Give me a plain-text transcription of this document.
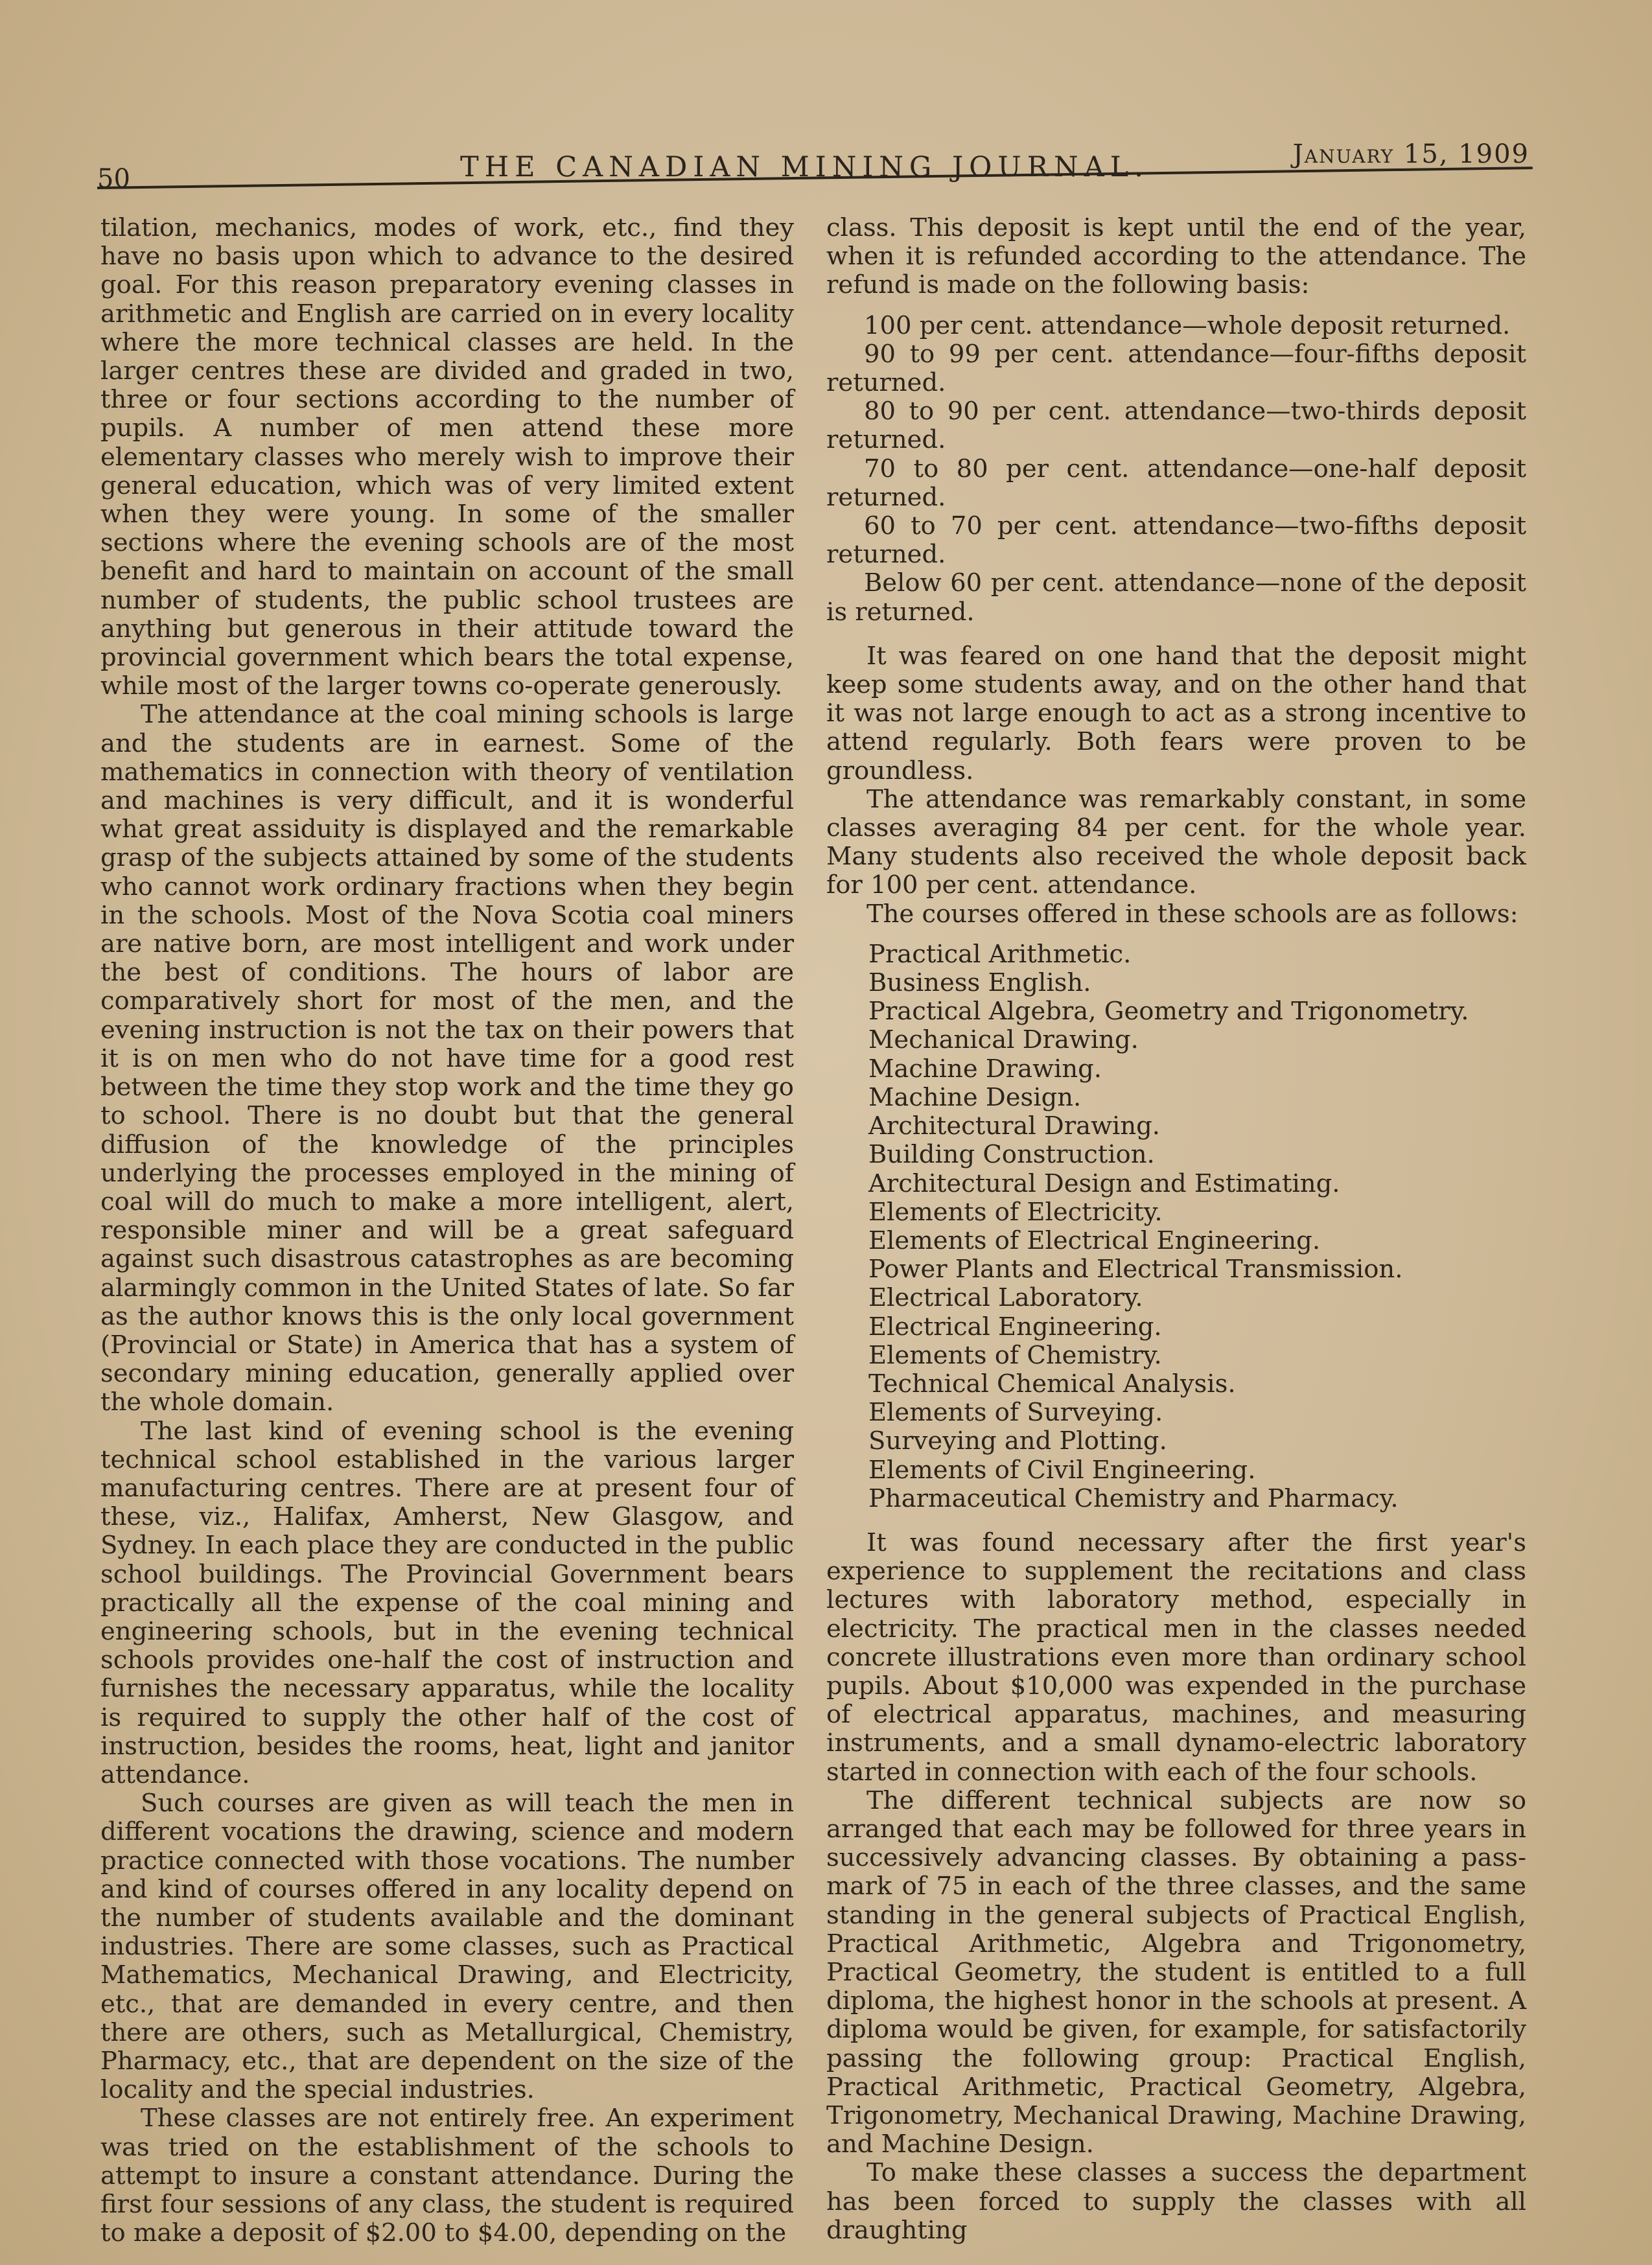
50	THE CANADIAN MINING JOURNAL.	January 15, 1909

tilation, mechanics, modes of work, etc., find they have no basis upon which to advance to the desired goal. For this reason preparatory evening classes in arithmetic and English are carried on in every locality where the more technical classes are held. In the larger centres these are divided and graded in two, three or four sections according to the number of pupils. A number of men attend these more elementary classes who merely wish to improve their general education, which was of very limited extent when they were young. In some of the smaller sections where the evening schools are of the most benefit and hard to maintain on account of the small number of students, the public school trustees are anything but generous in their attitude toward the provincial government which bears the total expense, while most of the larger towns co-operate generously.

The attendance at the coal mining schools is large and the students are in earnest. Some of the mathematics in connection with theory of ventilation and machines is very difficult, and it is wonderful what great assiduity is displayed and the remarkable grasp of the subjects attained by some of the students who cannot work ordinary fractions when they begin in the schools. Most of the Nova Scotia coal miners are native born, are most intelligent and work under the best of conditions. The hours of labor are comparatively short for most of the men, and the evening instruction is not the tax on their powers that it is on men who do not have time for a good rest between the time they stop work and the time they go to school. There is no doubt but that the general diffusion of the knowledge of the principles underlying the processes employed in the mining of coal will do much to make a more intelligent, alert, responsible miner and will be a great safeguard against such disastrous catastrophes as are becoming alarmingly common in the United States of late. So far as the author knows this is the only local government (Provincial or State) in America that has a system of secondary mining education, generally applied over the whole domain.

The last kind of evening school is the evening technical school established in the various larger manufacturing centres. There are at present four of these, viz., Halifax, Amherst, New Glasgow, and Sydney. In each place they are conducted in the public school buildings. The Provincial Government bears practically all the expense of the coal mining and engineering schools, but in the evening technical schools provides one-half the cost of instruction and furnishes the necessary apparatus, while the locality is required to supply the other half of the cost of instruction, besides the rooms, heat, light and janitor attendance.

Such courses are given as will teach the men in different vocations the drawing, science and modern practice connected with those vocations. The number and kind of courses offered in any locality depend on the number of students available and the dominant industries. There are some classes, such as Practical Mathematics, Mechanical Drawing, and Electricity, etc., that are demanded in every centre, and then there are others, such as Metallurgical, Chemistry, Pharmacy, etc., that are dependent on the size of the locality and the special industries.

These classes are not entirely free. An experiment was tried on the establishment of the schools to attempt to insure a constant attendance. During the first four sessions of any class, the student is required to make a deposit of $2.00 to $4.00, depending on the

class. This deposit is kept until the end of the year, when it is refunded according to the attendance. The refund is made on the following basis:

100 per cent. attendance—whole deposit returned.

90 to 99 per cent. attendance—four-fifths deposit returned.

80 to 90 per cent. attendance—two-thirds deposit returned.

70 to 80 per cent. attendance—one-half deposit returned.

60 to 70 per cent. attendance—two-fifths deposit returned.

Below 60 per cent. attendance—none of the deposit is returned.

It was feared on one hand that the deposit might keep some students away, and on the other hand that it was not large enough to act as a strong incentive to attend regularly. Both fears were proven to be groundless.

The attendance was remarkably constant, in some classes averaging 84 per cent. for the whole year. Many students also received the whole deposit back for 100 per cent. attendance.

The courses offered in these schools are as follows:

Practical Arithmetic.
Business English.
Practical Algebra, Geometry and Trigonometry.
Mechanical Drawing.
Machine Drawing.
Machine Design.
Architectural Drawing.
Building Construction.
Architectural Design and Estimating.
Elements of Electricity.
Elements of Electrical Engineering.
Power Plants and Electrical Transmission.
Electrical Laboratory.
Electrical Engineering.
Elements of Chemistry.
Technical Chemical Analysis.
Elements of Surveying.
Surveying and Plotting.
Elements of Civil Engineering.
Pharmaceutical Chemistry and Pharmacy.

It was found necessary after the first year's experience to supplement the recitations and class lectures with laboratory method, especially in electricity. The practical men in the classes needed concrete illustrations even more than ordinary school pupils. About $10,000 was expended in the purchase of electrical apparatus, machines, and measuring instruments, and a small dynamo-electric laboratory started in connection with each of the four schools.

The different technical subjects are now so arranged that each may be followed for three years in successively advancing classes. By obtaining a pass-mark of 75 in each of the three classes, and the same standing in the general subjects of Practical English, Practical Arithmetic, Algebra and Trigonometry, Practical Geometry, the student is entitled to a full diploma, the highest honor in the schools at present. A diploma would be given, for example, for satisfactorily passing the following group: Practical English, Practical Arithmetic, Practical Geometry, Algebra, Trigonometry, Mechanical Drawing, Machine Drawing, and Machine Design.

To make these classes a success the department has been forced to supply the classes with all draughting
